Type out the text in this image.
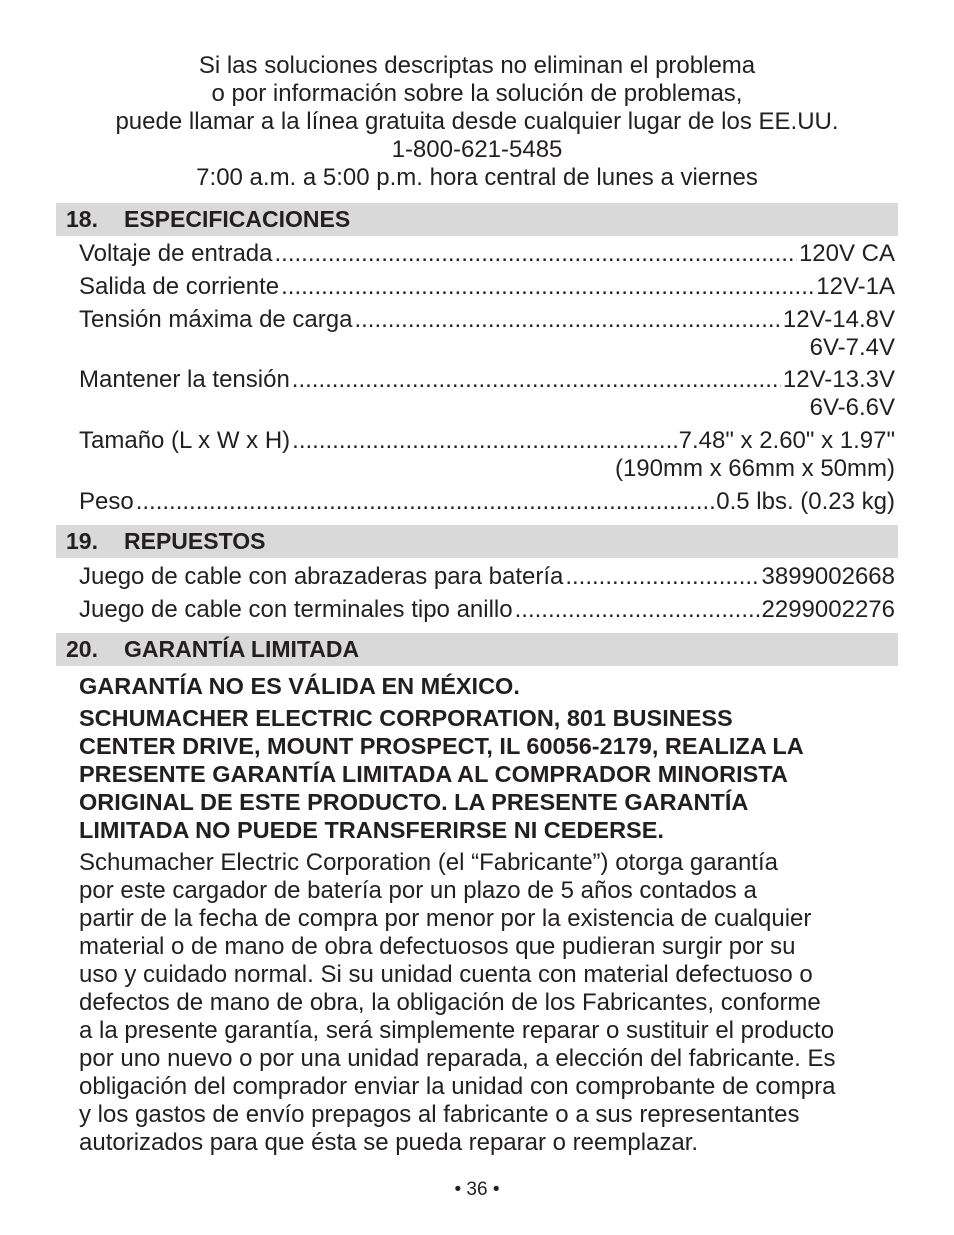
Si las soluciones descriptas no eliminan el problema
o por información sobre la solución de problemas,
puede llamar a la línea gratuita desde cualquier lugar de los EE.UU.
1-800-621-5485
7:00 a.m. a 5:00 p.m. hora central de lunes a viernes
18. ESPECIFICACIONES
Voltaje de entrada .....	120V CA
Salida de corriente .....	12V-1A
Tensión máxima de carga .....	12V-14.8V
6V-7.4V
Mantener la tensión .....	12V-13.3V
6V-6.6V
Tamaño (L x W x H) .....	7.48" x 2.60" x 1.97"
(190mm x 66mm x 50mm)
Peso .....	0.5 lbs. (0.23 kg)
19. REPUESTOS
Juego de cable con abrazaderas para batería .....	3899002668
Juego de cable con terminales tipo anillo .....	2299002276
20. GARANTÍA LIMITADA
GARANTÍA NO ES VÁLIDA EN MÉXICO.
SCHUMACHER ELECTRIC CORPORATION, 801 BUSINESS
CENTER DRIVE, MOUNT PROSPECT, IL 60056-2179, REALIZA LA
PRESENTE GARANTÍA LIMITADA AL COMPRADOR MINORISTA
ORIGINAL DE ESTE PRODUCTO. LA PRESENTE GARANTÍA
LIMITADA NO PUEDE TRANSFERIRSE NI CEDERSE.
Schumacher Electric Corporation (el “Fabricante”) otorga garantía
por este cargador de batería por un plazo de 5 años contados a
partir de la fecha de compra por menor por la existencia de cualquier
material o de mano de obra defectuosos que pudieran surgir por su
uso y cuidado normal. Si su unidad cuenta con material defectuoso o
defectos de mano de obra, la obligación de los Fabricantes, conforme
a la presente garantía, será simplemente reparar o sustituir el producto
por uno nuevo o por una unidad reparada, a elección del fabricante. Es
obligación del comprador enviar la unidad con comprobante de compra
y los gastos de envío prepagos al fabricante o a sus representantes
autorizados para que ésta se pueda reparar o reemplazar.
• 36 •
